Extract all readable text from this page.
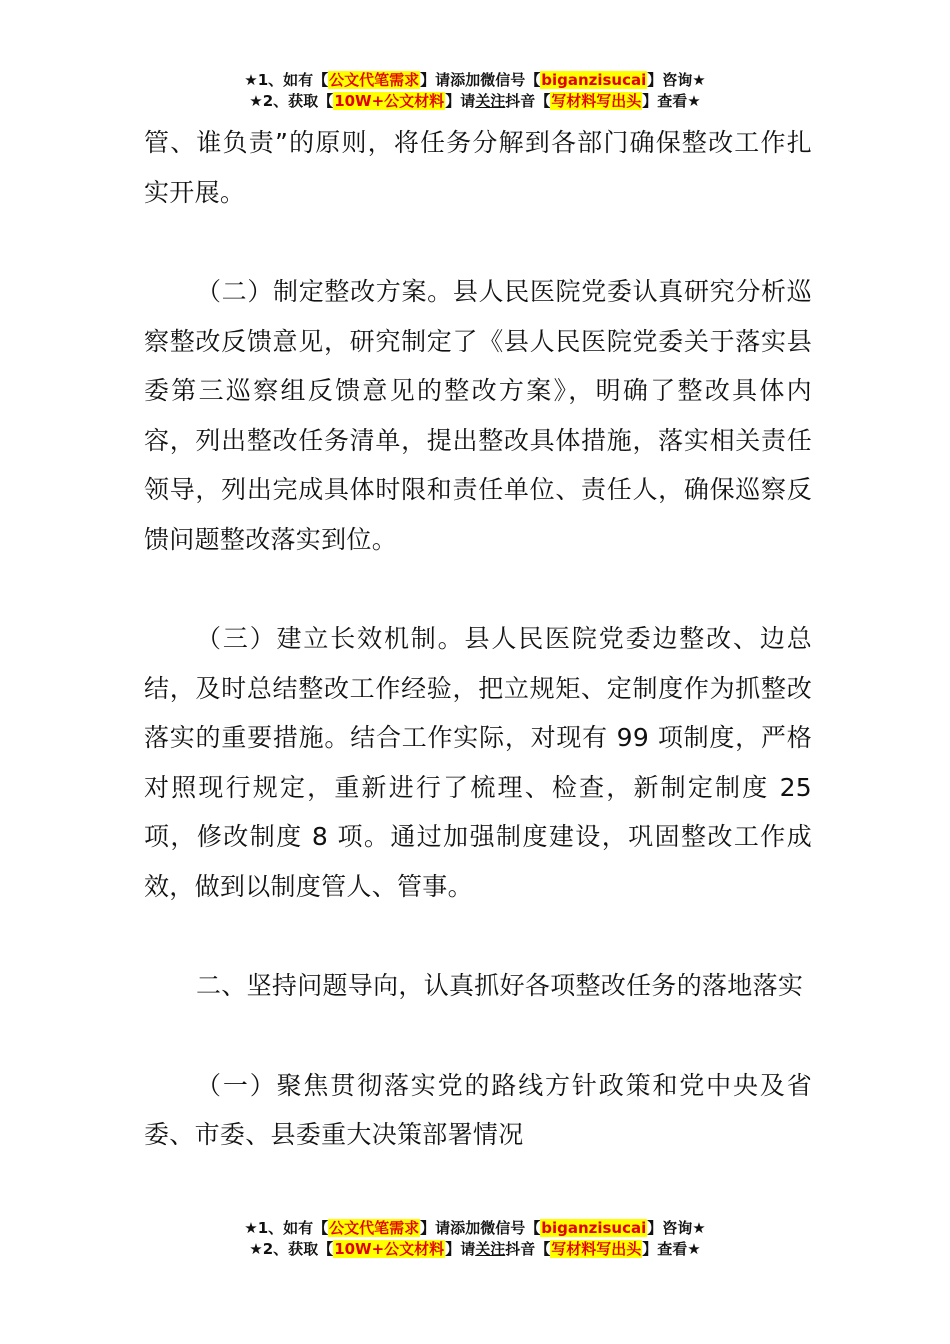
★1、如有【公文代笔需求】请添加微信号【biganzisucai】咨询★
★2、获取【10W+公文材料】请关注抖音【写材料写出头】查看★

管、谁负责”的原则，将任务分解到各部门确保整改工作扎实开展。

（二）制定整改方案。县人民医院党委认真研究分析巡察整改反馈意见，研究制定了《县人民医院党委关于落实县委第三巡察组反馈意见的整改方案》，明确了整改具体内容，列出整改任务清单，提出整改具体措施，落实相关责任领导，列出完成具体时限和责任单位、责任人，确保巡察反馈问题整改落实到位。

（三）建立长效机制。县人民医院党委边整改、边总结，及时总结整改工作经验，把立规矩、定制度作为抓整改落实的重要措施。结合工作实际，对现有 99 项制度，严格对照现行规定，重新进行了梳理、检查，新制定制度 25 项，修改制度 8 项。通过加强制度建设，巩固整改工作成效，做到以制度管人、管事。

二、坚持问题导向，认真抓好各项整改任务的落地落实

（一）聚焦贯彻落实党的路线方针政策和党中央及省委、市委、县委重大决策部署情况

★1、如有【公文代笔需求】请添加微信号【biganzisucai】咨询★
★2、获取【10W+公文材料】请关注抖音【写材料写出头】查看★
